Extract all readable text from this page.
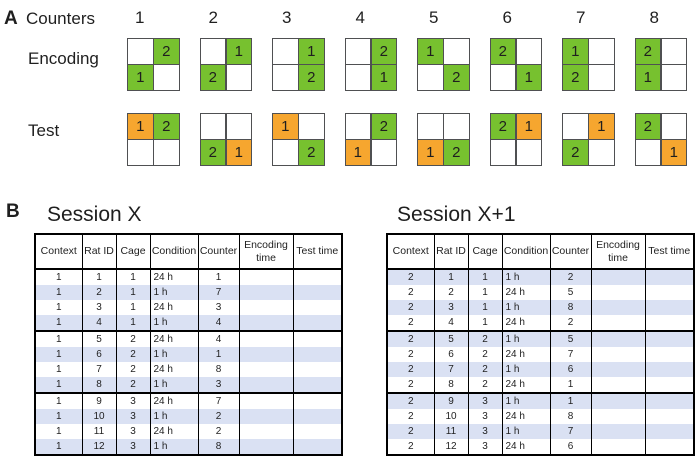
A Counters	1	2	3	4	5	6	7	8
Encoding	2
1
1
2
1
2
2
1
1
2
2
1
1
2
2
1
Test	1	2
2	1
1
2
2
1	1	2
2	1	1
2
2
1
B Session X	Session X+1
Context	Rat ID	Cage	Condition	Counter	Encoding time	Test time
1	1	1	24 h	1		
1	2	1	1 h	7		
1	3	1	24 h	3		
1	4	1	1 h	4		
1	5	2	24 h	4		
1	6	2	1 h	1		
1	7	2	24 h	8		
1	8	2	1 h	3		
1	9	3	24 h	7		
1	10	3	1 h	2		
1	11	3	24 h	2		
1	12	3	1 h	8		
Context	Rat ID	Cage	Condition	Counter	Encoding time	Test time
2	1	1	1 h	2		
2	2	1	24 h	5		
2	3	1	1 h	8		
2	4	1	24 h	2		
2	5	2	1 h	5		
2	6	2	24 h	7		
2	7	2	1 h	6		
2	8	2	24 h	1		
2	9	3	1 h	1		
2	10	3	24 h	8		
2	11	3	1 h	7		
2	12	3	24 h	6		
